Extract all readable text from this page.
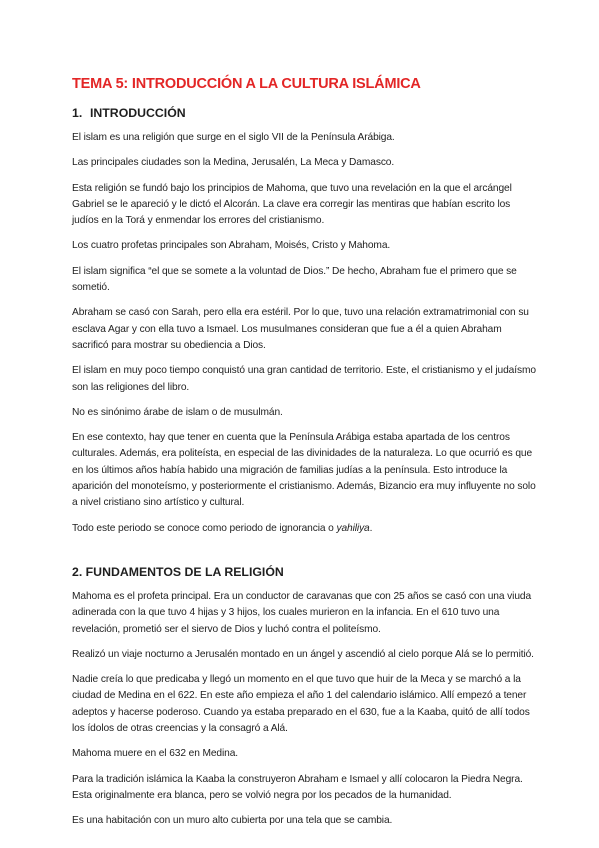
TEMA 5: INTRODUCCIÓN A LA CULTURA ISLÁMICA
1. INTRODUCCIÓN

El islam es una religión que surge en el siglo VII de la Península Arábiga.

Las principales ciudades son la Medina, Jerusalén, La Meca y Damasco.

Esta religión se fundó bajo los principios de Mahoma, que tuvo una revelación en la que el arcángel Gabriel se le apareció y le dictó el Alcorán. La clave era corregir las mentiras que habían escrito los judíos en la Torá y enmendar los errores del cristianismo.

Los cuatro profetas principales son Abraham, Moisés, Cristo y Mahoma.

El islam significa “el que se somete a la voluntad de Dios.” De hecho, Abraham fue el primero que se sometió.

Abraham se casó con Sarah, pero ella era estéril. Por lo que, tuvo una relación extramatrimonial con su esclava Agar y con ella tuvo a Ismael. Los musulmanes consideran que fue a él a quien Abraham sacrificó para mostrar su obediencia a Dios.

El islam en muy poco tiempo conquistó una gran cantidad de territorio. Este, el cristianismo y el judaísmo son las religiones del libro.

No es sinónimo árabe de islam o de musulmán.

En ese contexto, hay que tener en cuenta que la Península Arábiga estaba apartada de los centros culturales. Además, era politeísta, en especial de las divinidades de la naturaleza. Lo que ocurrió es que en los últimos años había habido una migración de familias judías a la península. Esto introduce la aparición del monoteísmo, y posteriormente el cristianismo. Además, Bizancio era muy influyente no solo a nivel cristiano sino artístico y cultural.

Todo este periodo se conoce como periodo de ignorancia o yahiliya.

2. FUNDAMENTOS DE LA RELIGIÓN

Mahoma es el profeta principal. Era un conductor de caravanas que con 25 años se casó con una viuda adinerada con la que tuvo 4 hijas y 3 hijos, los cuales murieron en la infancia. En el 610 tuvo una revelación, prometió ser el siervo de Dios y luchó contra el politeísmo.

Realizó un viaje nocturno a Jerusalén montado en un ángel y ascendió al cielo porque Alá se lo permitió.

Nadie creía lo que predicaba y llegó un momento en el que tuvo que huir de la Meca y se marchó a la ciudad de Medina en el 622. En este año empieza el año 1 del calendario islámico. Allí empezó a tener adeptos y hacerse poderoso. Cuando ya estaba preparado en el 630, fue a la Kaaba, quitó de allí todos los ídolos de otras creencias y la consagró a Alá.

Mahoma muere en el 632 en Medina.

Para la tradición islámica la Kaaba la construyeron Abraham e Ismael y allí colocaron la Piedra Negra. Esta originalmente era blanca, pero se volvió negra por los pecados de la humanidad.

Es una habitación con un muro alto cubierta por una tela que se cambia.
